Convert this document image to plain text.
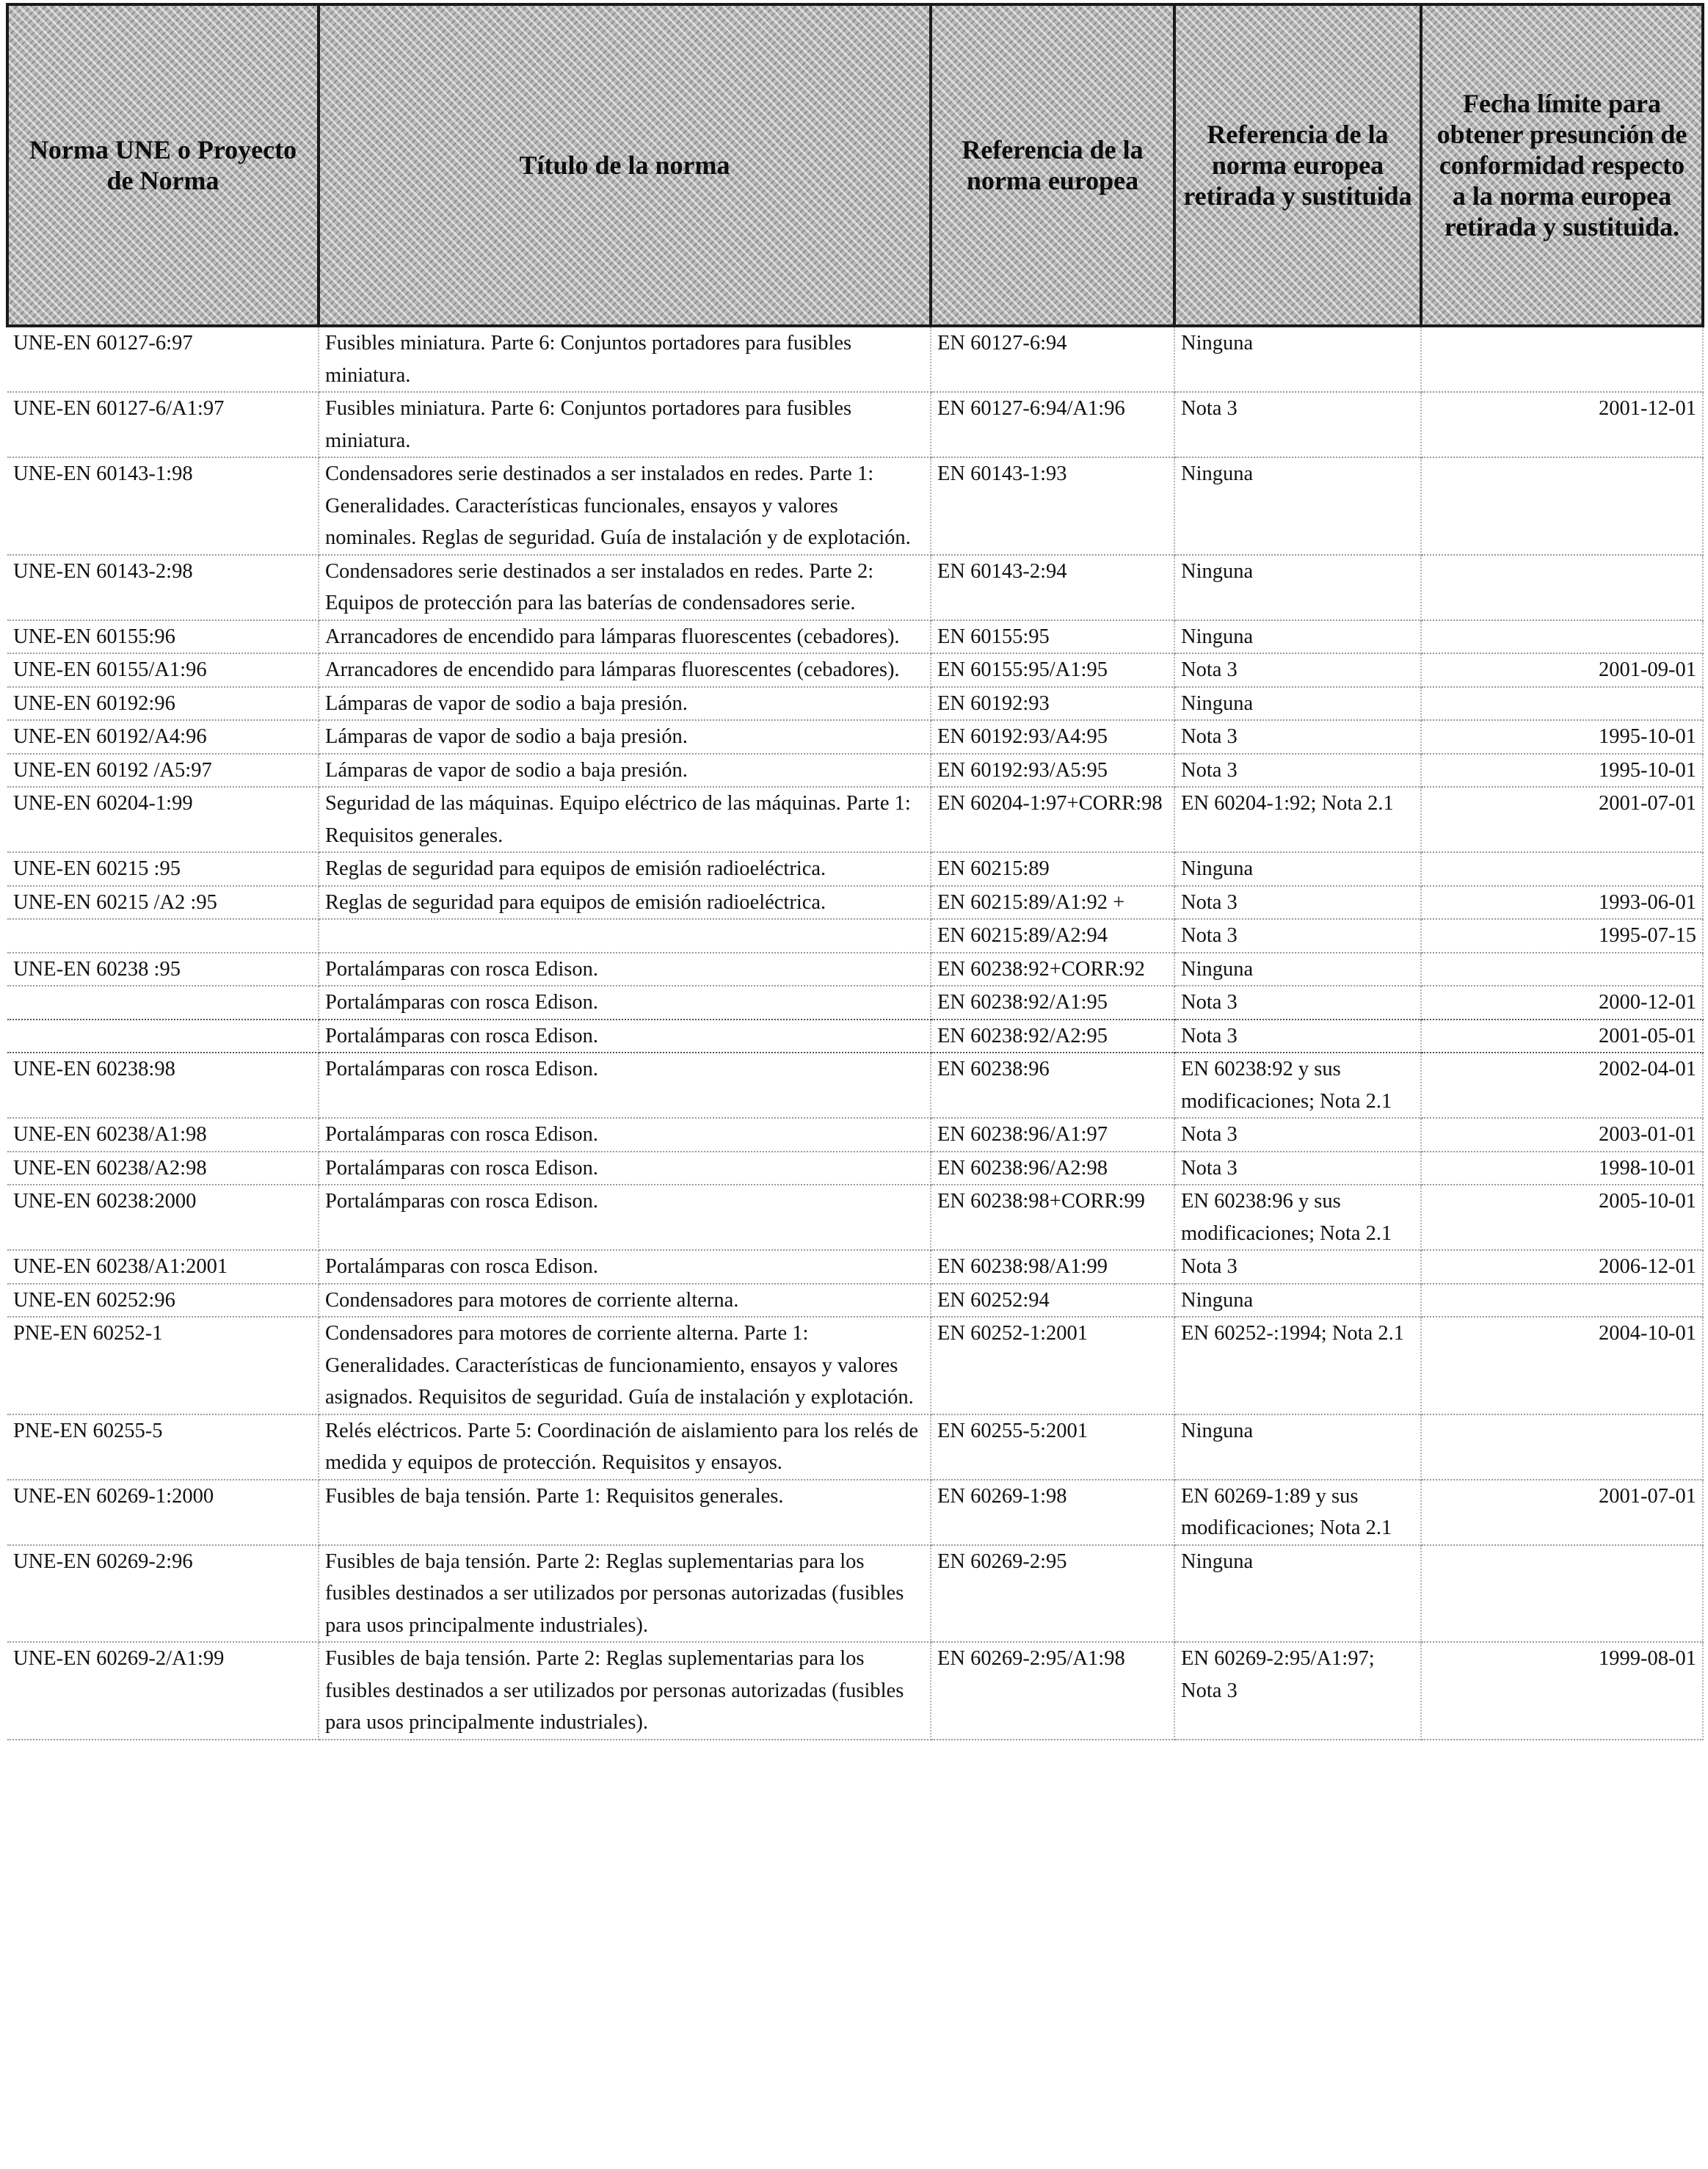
Norma UNE o Proyecto de Norma	Título de la norma	Referencia de la norma europea	Referencia de la norma europea retirada y sustituida	Fecha límite para obtener presunción de conformidad respecto a la norma europea retirada y sustituida.
UNE-EN 60127-6:97	Fusibles miniatura. Parte 6: Conjuntos portadores para fusibles miniatura.	EN 60127-6:94	Ninguna	
UNE-EN 60127-6/A1:97	Fusibles miniatura. Parte 6: Conjuntos portadores para fusibles miniatura.	EN 60127-6:94/A1:96	Nota 3	2001-12-01
UNE-EN 60143-1:98	Condensadores serie destinados a ser instalados en redes. Parte 1: Generalidades. Características funcionales, ensayos y valores nominales. Reglas de seguridad. Guía de instalación y de explotación.	EN 60143-1:93	Ninguna	
UNE-EN 60143-2:98	Condensadores serie destinados a ser instalados en redes. Parte 2: Equipos de protección para las baterías de condensadores serie.	EN 60143-2:94	Ninguna	
UNE-EN 60155:96	Arrancadores de encendido para lámparas fluorescentes (cebadores).	EN 60155:95	Ninguna	
UNE-EN 60155/A1:96	Arrancadores de encendido para lámparas fluorescentes (cebadores).	EN 60155:95/A1:95	Nota 3	2001-09-01
UNE-EN 60192:96	Lámparas de vapor de sodio a baja presión.	EN 60192:93	Ninguna	
UNE-EN 60192/A4:96	Lámparas de vapor de sodio a baja presión.	EN 60192:93/A4:95	Nota 3	1995-10-01
UNE-EN 60192 /A5:97	Lámparas de vapor de sodio a baja presión.	EN 60192:93/A5:95	Nota 3	1995-10-01
UNE-EN 60204-1:99	Seguridad de las máquinas. Equipo eléctrico de las máquinas. Parte 1: Requisitos generales.	EN 60204-1:97+CORR:98	EN 60204-1:92; Nota 2.1	2001-07-01
UNE-EN 60215 :95	Reglas de seguridad para equipos de emisión radioeléctrica.	EN 60215:89	Ninguna	
UNE-EN 60215 /A2 :95	Reglas de seguridad para equipos de emisión radioeléctrica.	EN 60215:89/A1:92 +	Nota 3	1993-06-01
		EN 60215:89/A2:94	Nota 3	1995-07-15
UNE-EN 60238 :95	Portalámparas con rosca Edison.	EN 60238:92+CORR:92	Ninguna	
	Portalámparas con rosca Edison.	EN 60238:92/A1:95	Nota 3	2000-12-01
	Portalámparas con rosca Edison.	EN 60238:92/A2:95	Nota 3	2001-05-01
UNE-EN 60238:98	Portalámparas con rosca Edison.	EN 60238:96	EN 60238:92 y sus modificaciones; Nota 2.1	2002-04-01
UNE-EN 60238/A1:98	Portalámparas con rosca Edison.	EN 60238:96/A1:97	Nota 3	2003-01-01
UNE-EN 60238/A2:98	Portalámparas con rosca Edison.	EN 60238:96/A2:98	Nota 3	1998-10-01
UNE-EN 60238:2000	Portalámparas con rosca Edison.	EN 60238:98+CORR:99	EN 60238:96 y sus modificaciones; Nota 2.1	2005-10-01
UNE-EN 60238/A1:2001	Portalámparas con rosca Edison.	EN 60238:98/A1:99	Nota 3	2006-12-01
UNE-EN 60252:96	Condensadores para motores de corriente alterna.	EN 60252:94	Ninguna	
PNE-EN 60252-1	Condensadores para motores de corriente alterna. Parte 1: Generalidades. Características de funcionamiento, ensayos y valores asignados. Requisitos de seguridad. Guía de instalación y explotación.	EN 60252-1:2001	EN 60252-:1994; Nota 2.1	2004-10-01
PNE-EN 60255-5	Relés eléctricos. Parte 5: Coordinación de aislamiento para los relés de medida y equipos de protección. Requisitos y ensayos.	EN 60255-5:2001	Ninguna	
UNE-EN 60269-1:2000	Fusibles de baja tensión. Parte 1: Requisitos generales.	EN 60269-1:98	EN 60269-1:89 y sus modificaciones; Nota 2.1	2001-07-01
UNE-EN 60269-2:96	Fusibles de baja tensión. Parte 2: Reglas suplementarias para los fusibles destinados a ser utilizados por personas autorizadas (fusibles para usos principalmente industriales).	EN 60269-2:95	Ninguna	
UNE-EN 60269-2/A1:99	Fusibles de baja tensión. Parte 2: Reglas suplementarias para los fusibles destinados a ser utilizados por personas autorizadas (fusibles para usos principalmente industriales).	EN 60269-2:95/A1:98	EN 60269-2:95/A1:97; Nota 3	1999-08-01
